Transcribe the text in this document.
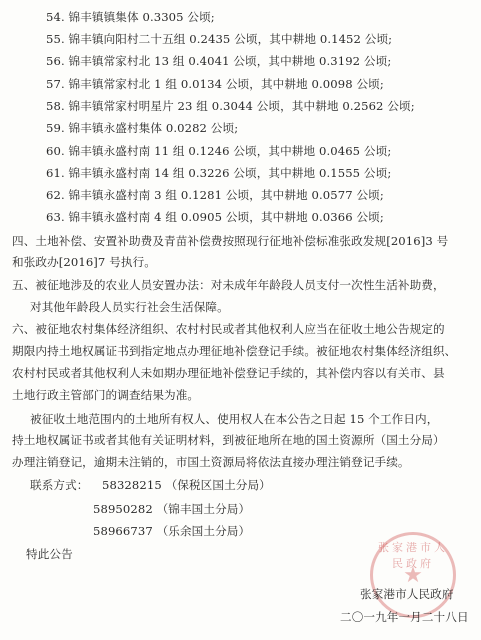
54. 锦丰镇镇集体 0.3305 公顷;
55. 锦丰镇向阳村二十五组 0.2435 公顷，其中耕地 0.1452 公顷;
56. 锦丰镇常家村北 13 组 0.4041 公顷，其中耕地 0.3192 公顷;
57. 锦丰镇常家村北 1 组 0.0134 公顷，其中耕地 0.0098 公顷;
58. 锦丰镇常家村明星片 23 组 0.3044 公顷，其中耕地 0.2562 公顷;
59. 锦丰镇永盛村集体 0.0282 公顷;
60. 锦丰镇永盛村南 11 组 0.1246 公顷，其中耕地 0.0465 公顷;
61. 锦丰镇永盛村南 14 组 0.3226 公顷，其中耕地 0.1555 公顷;
62. 锦丰镇永盛村南 3 组 0.1281 公顷，其中耕地 0.0577 公顷;
63. 锦丰镇永盛村南 4 组 0.0905 公顷，其中耕地 0.0366 公顷;
四、土地补偿、安置补助费及青苗补偿费按照现行征地补偿标准张政发规[2016]3 号
和张政办[2016]7 号执行。
五、被征地涉及的农业人员安置办法：对未成年年龄段人员支付一次性生活补助费，
对其他年龄段人员实行社会生活保障。
六、被征地农村集体经济组织、农村村民或者其他权利人应当在征收土地公告规定的
期限内持土地权属证书到指定地点办理征地补偿登记手续。被征地农村集体经济组织、
农村村民或者其他权利人未如期办理征地补偿登记手续的，其补偿内容以有关市、县
土地行政主管部门的调查结果为准。
被征收土地范围内的土地所有权人、使用权人在本公告之日起 15 个工作日内，
持土地权属证书或者其他有关证明材料，到被征地所在地的国土资源所（国土分局）
办理注销登记，逾期未注销的，市国土资源局将依法直接办理注销登记手续。
联系方式： 58328215 （保税区国土分局）
58950282 （锦丰国土分局）
58966737 （乐余国土分局）
特此公告	张家港市人民政府
★
张家港市人民政府
二〇一九年一月二十八日
